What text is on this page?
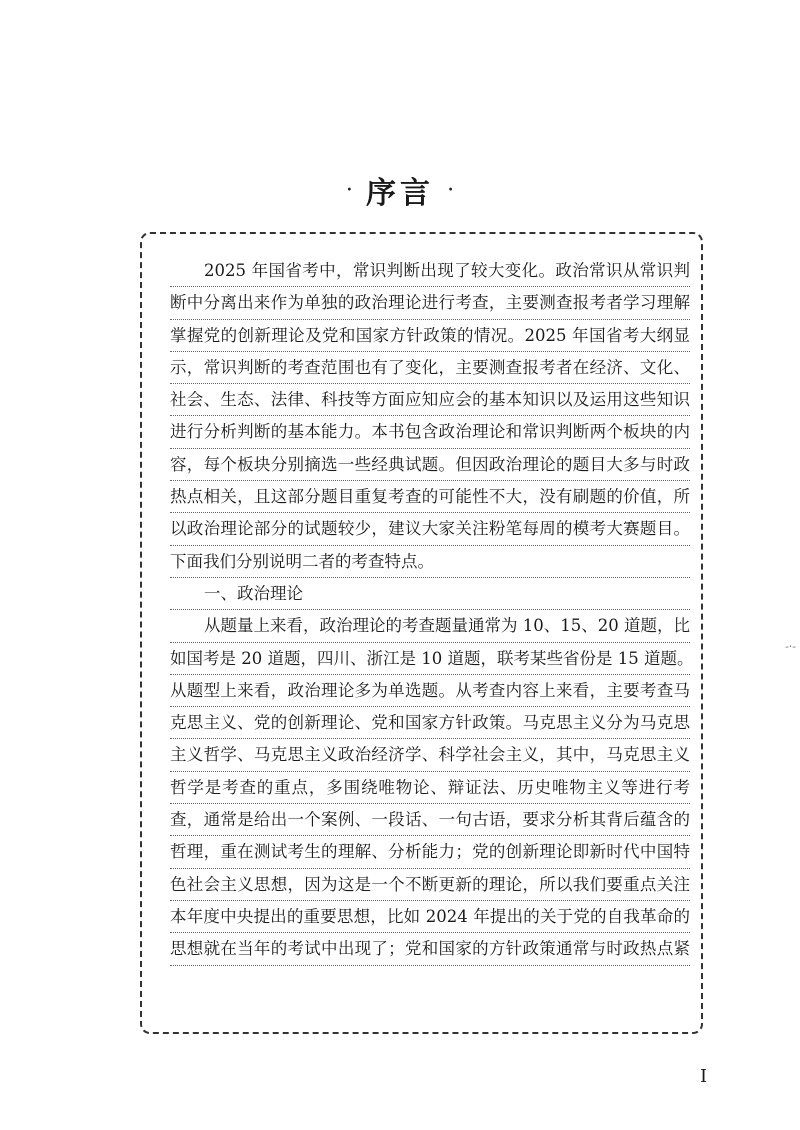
· 序言 ·
2025 年国省考中，常识判断出现了较大变化。政治常识从常识判
断中分离出来作为单独的政治理论进行考查，主要测查报考者学习理解
掌握党的创新理论及党和国家方针政策的情况。2025 年国省考大纲显
示，常识判断的考查范围也有了变化，主要测查报考者在经济、文化、
社会、生态、法律、科技等方面应知应会的基本知识以及运用这些知识
进行分析判断的基本能力。本书包含政治理论和常识判断两个板块的内
容，每个板块分别摘选一些经典试题。但因政治理论的题目大多与时政
热点相关，且这部分题目重复考查的可能性不大，没有刷题的价值，所
以政治理论部分的试题较少，建议大家关注粉笔每周的模考大赛题目。
下面我们分别说明二者的考查特点。
一、政治理论
从题量上来看，政治理论的考查题量通常为 10、15、20 道题，比
如国考是 20 道题，四川、浙江是 10 道题，联考某些省份是 15 道题。
从题型上来看，政治理论多为单选题。从考查内容上来看，主要考查马
克思主义、党的创新理论、党和国家方针政策。马克思主义分为马克思
主义哲学、马克思主义政治经济学、科学社会主义，其中，马克思主义
哲学是考查的重点，多围绕唯物论、辩证法、历史唯物主义等进行考
查，通常是给出一个案例、一段话、一句古语，要求分析其背后蕴含的
哲理，重在测试考生的理解、分析能力；党的创新理论即新时代中国特
色社会主义思想，因为这是一个不断更新的理论，所以我们要重点关注
本年度中央提出的重要思想，比如 2024 年提出的关于党的自我革命的
思想就在当年的考试中出现了；党和国家的方针政策通常与时政热点紧
I
-·-
